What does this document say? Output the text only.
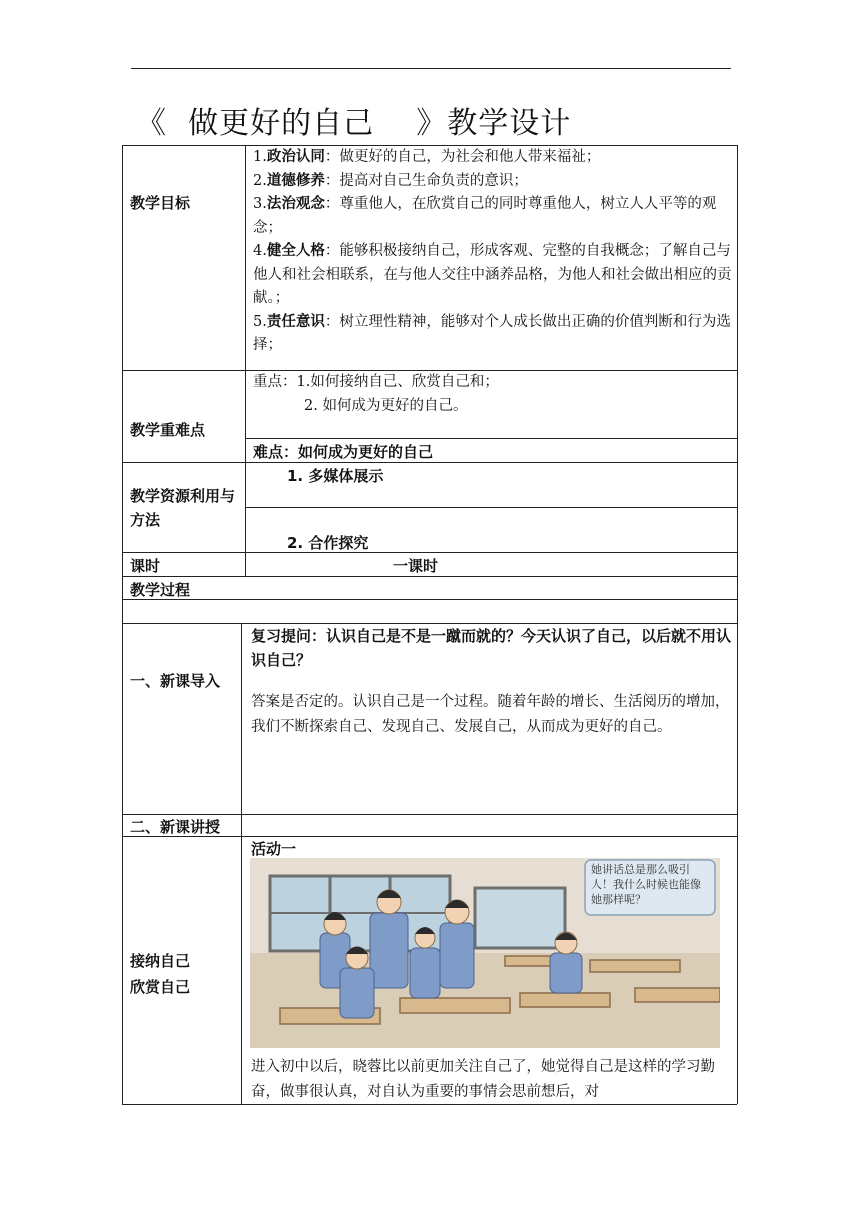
《  做更好的自己    》教学设计
教学目标
1.政治认同：做更好的自己，为社会和他人带来福祉；
2.道德修养：提高对自己生命负责的意识；
3.法治观念：尊重他人，在欣赏自己的同时尊重他人，树立人人平等的观念；
4.健全人格：能够积极接纳自己，形成客观、完整的自我概念；了解自己与他人和社会相联系，在与他人交往中涵养品格，为他人和社会做出相应的贡献。；
5.责任意识：树立理性精神，能够对个人成长做出正确的价值判断和行为选择；
教学重难点
重点：1.如何接纳自己、欣赏自己和；
2. 如何成为更好的自己。
难点：如何成为更好的自己
教学资源利用与方法
1. 多媒体展示
2. 合作探究
课时	一课时
教学过程
一、新课导入
复习提问：认识自己是不是一蹴而就的？今天认识了自己，以后就不用认识自己？
答案是否定的。认识自己是一个过程。随着年龄的增长、生活阅历的增加，我们不断探索自己、发现自己、发展自己，从而成为更好的自己。
二、新课讲授
接纳自己
欣赏自己
活动一
她讲话总是那么吸引人！我什么时候也能像她那样呢？
进入初中以后，晓蓉比以前更加关注自己了，她觉得自己是这样的学习勤奋，做事很认真，对自认为重要的事情会思前想后，对
